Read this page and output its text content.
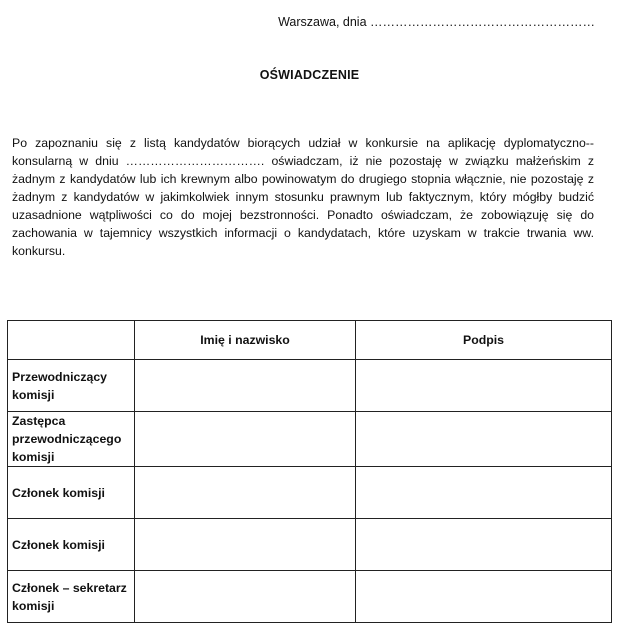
Warszawa, dnia ………………………………………………
OŚWIADCZENIE

Po zapoznaniu się z listą kandydatów biorących udział w konkursie na aplikację dyplomatyczno--konsularną w dniu ……………………………. oświadczam, iż nie pozostaję w związku małżeńskim z żadnym z kandydatów lub ich krewnym albo powinowatym do drugiego stopnia włącznie, nie pozostaję z żadnym z kandydatów w jakimkolwiek innym stosunku prawnym lub faktycznym, który mógłby budzić uzasadnione wątpliwości co do mojej bezstronności. Ponadto oświadczam, że zobowiązuję się do zachowania w tajemnicy wszystkich informacji o kandydatach, które uzyskam w trakcie trwania ww. konkursu.

	Imię i nazwisko	Podpis
Przewodniczący komisji		
Zastępca przewodniczącego komisji		
Członek komisji		
Członek komisji		
Członek – sekretarz komisji		
